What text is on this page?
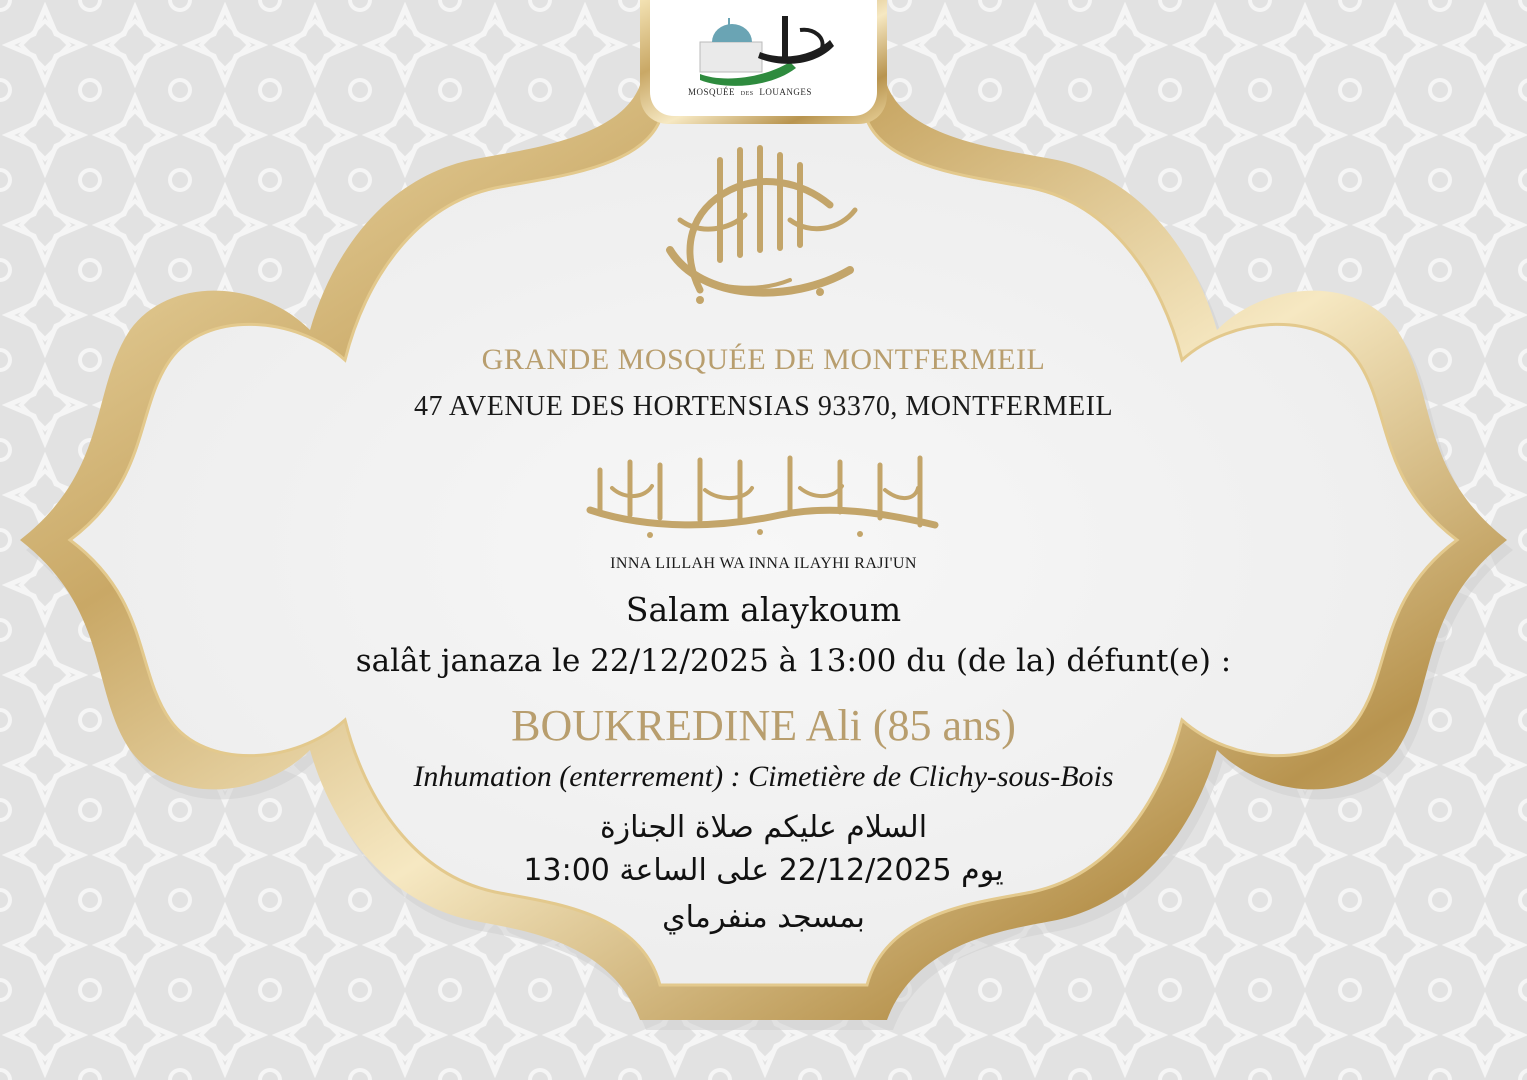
MOSQUÉE DES LOUANGES
GRANDE MOSQUÉE DE MONTFERMEIL
47 AVENUE DES HORTENSIAS 93370, MONTFERMEIL
INNA LILLAH WA INNA ILAYHI RAJI'UN
Salam alaykoum
salât janaza le 22/12/2025 à 13:00 du (de la) défunt(e) :
BOUKREDINE Ali (85 ans)
Inhumation (enterrement) : Cimetière de Clichy-sous-Bois
السلام عليكم صلاة الجنازة
يوم 22/12/2025 على الساعة 13:00
بمسجد منفرماي
